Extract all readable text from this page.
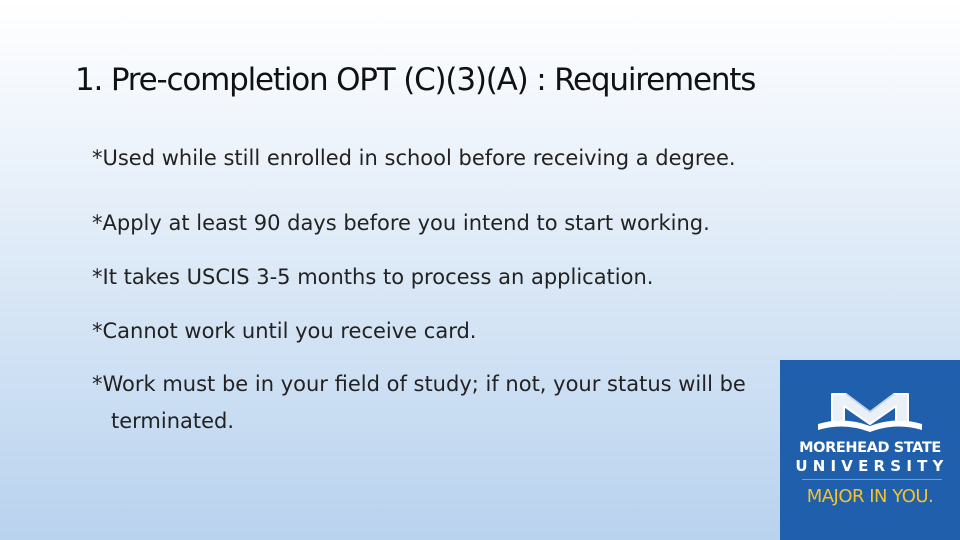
1. Pre-completion OPT (C)(3)(A) : Requirements
*Used while still enrolled in school before receiving a degree.
*Apply at least 90 days before you intend to start working.
*It takes USCIS 3-5 months to process an application.
*Cannot work until you receive card.
*Work must be in your field of study; if not, your status will be terminated.
MOREHEAD STATE
UNIVERSITY
MAJOR IN YOU.
